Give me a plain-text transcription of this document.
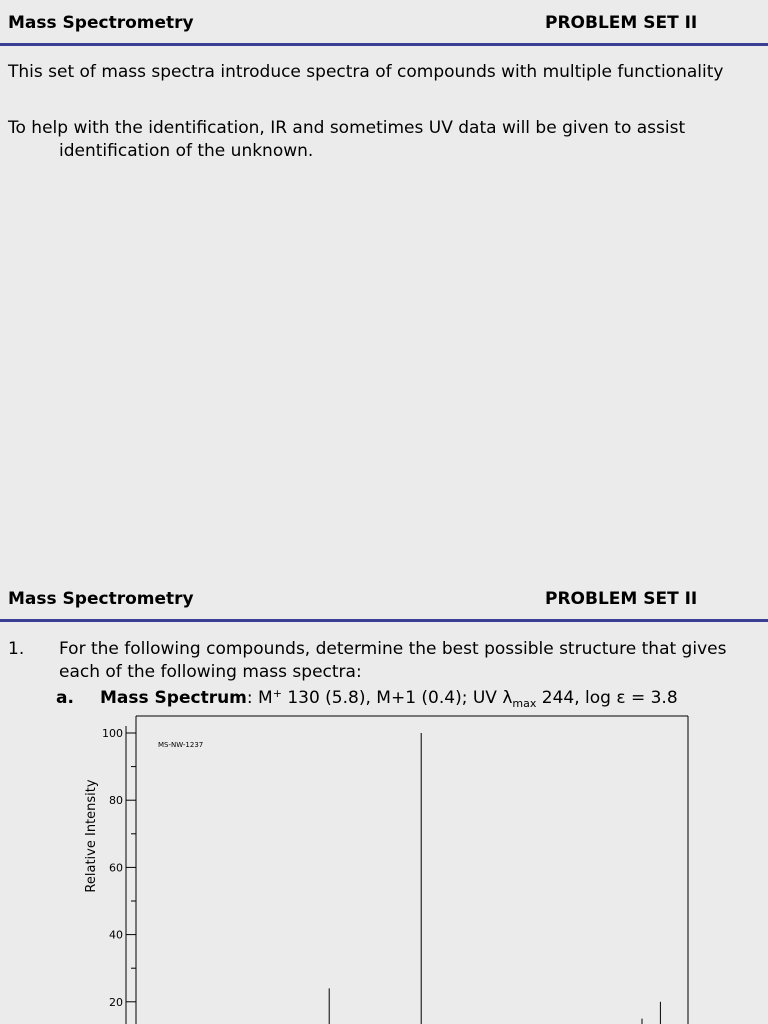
Mass Spectrometry	PROBLEM SET II
This set of mass spectra introduce spectra of compounds with multiple functionality
To help with the identification, IR and sometimes UV data will be given to assist
identification of the unknown.
Mass Spectrometry	PROBLEM SET II
1. For the following compounds, determine the best possible structure that gives
each of the following mass spectra:
a. Mass Spectrum: M+ 130 (5.8), M+1 (0.4); UV $\lambda_{max}$ 244, log ε = 3.8
20
40
60
80
100
Relative Intensity
MS-NW-1237
